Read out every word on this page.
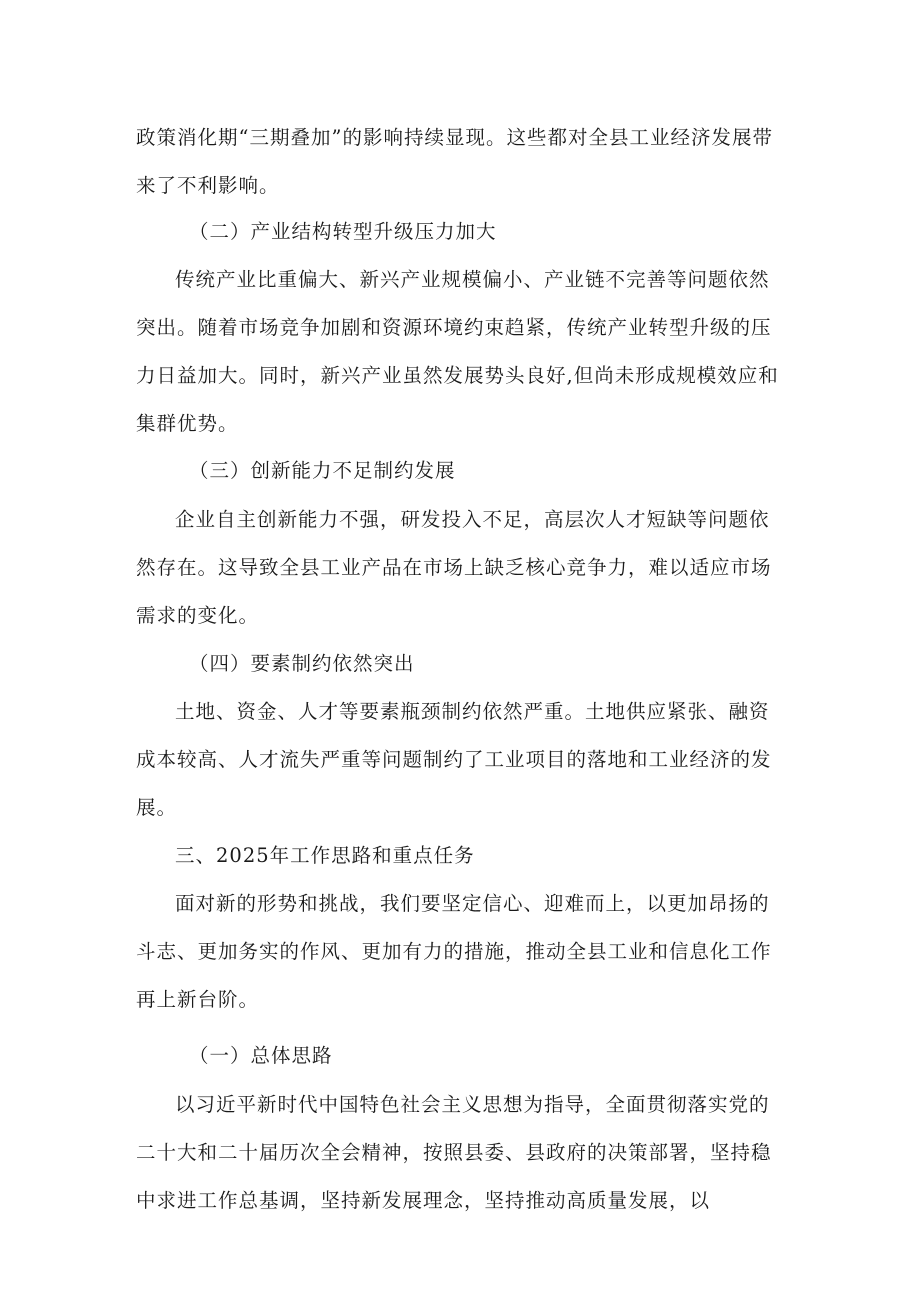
政策消化期“三期叠加”的影响持续显现。这些都对全县工业经济发展带来了不利影响。

（二）产业结构转型升级压力加大

传统产业比重偏大、新兴产业规模偏小、产业链不完善等问题依然突出。随着市场竞争加剧和资源环境约束趋紧，传统产业转型升级的压力日益加大。同时，新兴产业虽然发展势头良好,但尚未形成规模效应和集群优势。

（三）创新能力不足制约发展

企业自主创新能力不强，研发投入不足，高层次人才短缺等问题依然存在。这导致全县工业产品在市场上缺乏核心竞争力，难以适应市场需求的变化。

（四）要素制约依然突出

土地、资金、人才等要素瓶颈制约依然严重。土地供应紧张、融资成本较高、人才流失严重等问题制约了工业项目的落地和工业经济的发展。

三、2025年工作思路和重点任务

面对新的形势和挑战，我们要坚定信心、迎难而上，以更加昂扬的斗志、更加务实的作风、更加有力的措施，推动全县工业和信息化工作再上新台阶。

（一）总体思路

以习近平新时代中国特色社会主义思想为指导，全面贯彻落实党的二十大和二十届历次全会精神，按照县委、县政府的决策部署，坚持稳中求进工作总基调，坚持新发展理念，坚持推动高质量发展，以
